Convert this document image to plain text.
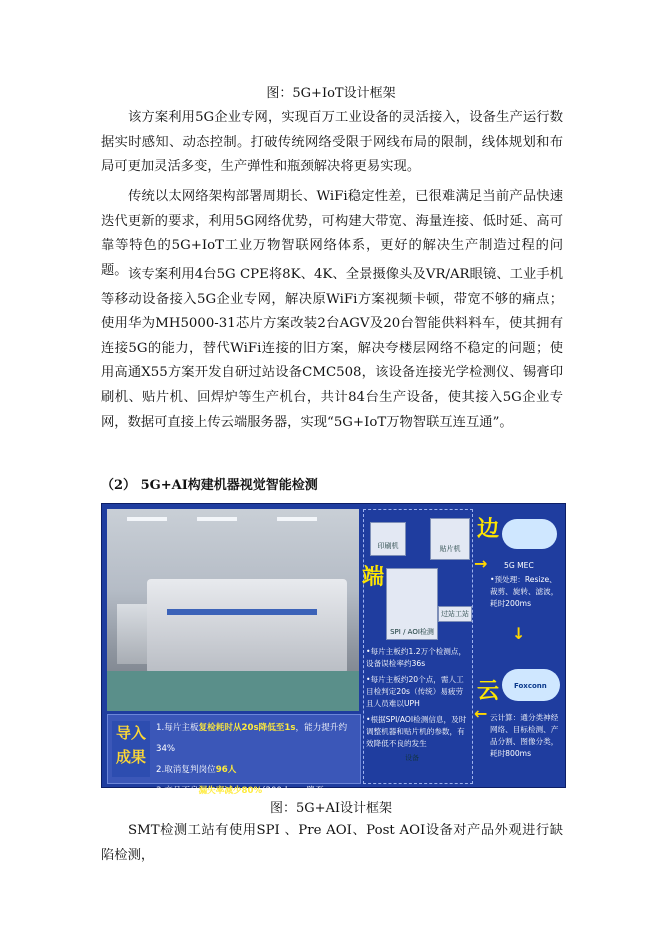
图：5G+IoT设计框架

该方案利用5G企业专网，实现百万工业设备的灵活接入，设备生产运行数据实时感知、动态控制。打破传统网络受限于网线布局的限制，线体规划和布局可更加灵活多变，生产弹性和瓶颈解决将更易实现。

传统以太网络架构部署周期长、WiFi稳定性差，已很难满足当前产品快速迭代更新的要求，利用5G网络优势，可构建大带宽、海量连接、低时延、高可靠等特色的5G+IoT工业万物智联网络体系，更好的解决生产制造过程的问题。 该专案利用4台5G CPE将8K、4K、全景摄像头及VR/AR眼镜、工业手机等移动设备接入5G企业专网，解决原WiFi方案视频卡顿，带宽不够的痛点；使用华为MH5000-31芯片方案改装2台AGV及20台智能供料料车，使其拥有连接5G的能力，替代WiFi连接的旧方案，解决夸楼层网络不稳定的问题；使用高通X55方案开发自研过站设备CMC508，该设备连接光学检测仪、锡膏印刷机、贴片机、回焊炉等生产机台，共计84台生产设备，使其接入5G企业专网，数据可直接上传云端服务器，实现“5G+IoT万物智联互连互通”。

（2） 5G+AI构建机器视觉智能检测
导入成果
1.每片主板复检耗时从20s降低至1s，能力提升约34%
2.取消复判岗位96人
3.产品不良漏失率减少80%(200dppm降至40dppm)
印刷机	贴片机
SPI / AOI检测设备
过站工站
端
•每片主板约1.2万个检测点，设备误检率约36s
•每片主板约20个点，需人工目检判定20s（传统）易疲劳且人员难以UPH
•根据SPI/AOI检测信息，及时调整机器和贴片机的参数，有效降低不良的发生
→
↓
←
边
5G MEC
•预处理：Resize、裁剪、旋转、滤波，耗时200ms
云 Foxconn
云计算：通分类神经网络、目标检测、产品分割、图像分类，耗时800ms
图：5G+AI设计框架

SMT检测工站有使用SPI 、Pre AOI、Post AOI设备对产品外观进行缺陷检测，
